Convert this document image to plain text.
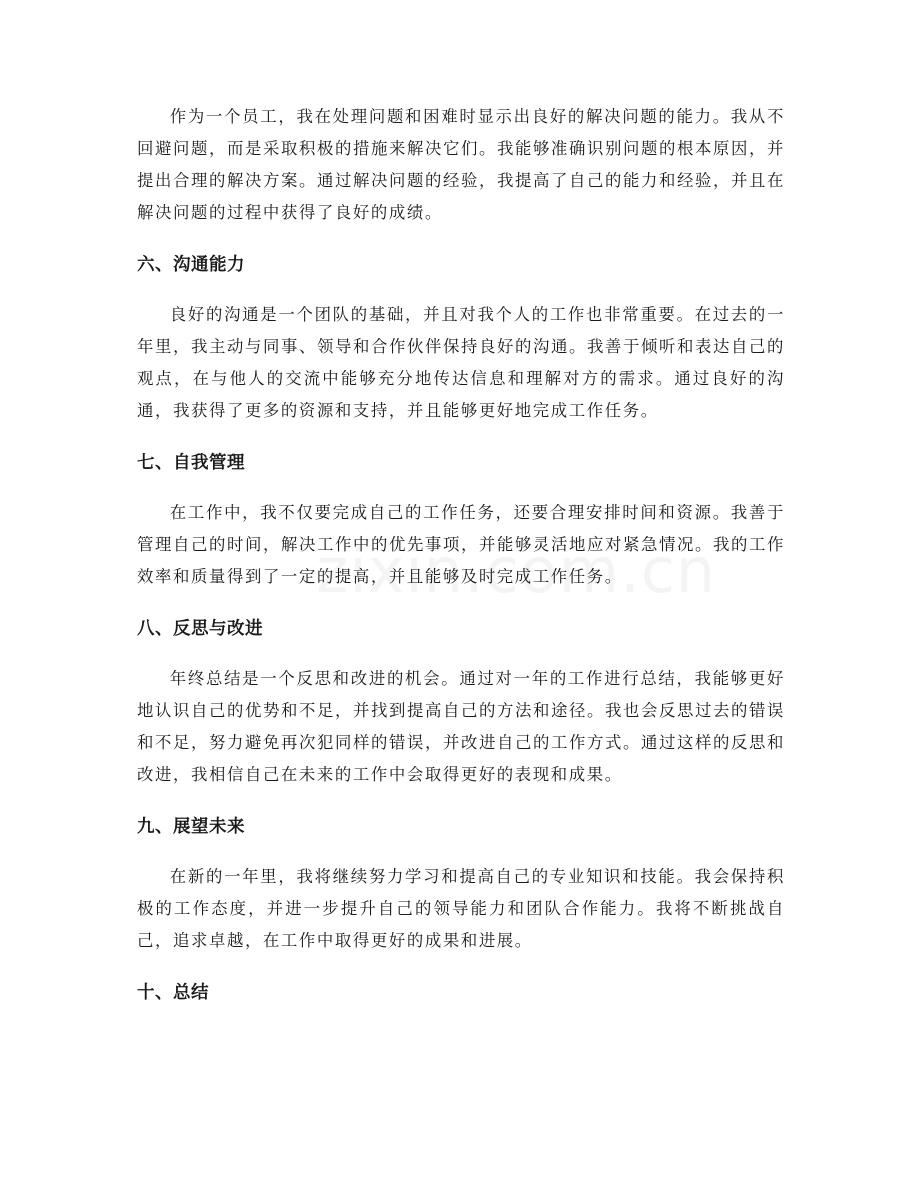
作为一个员工，我在处理问题和困难时显示出良好的解决问题的能力。我从不回避问题，而是采取积极的措施来解决它们。我能够准确识别问题的根本原因，并提出合理的解决方案。通过解决问题的经验，我提高了自己的能力和经验，并且在解决问题的过程中获得了良好的成绩。

六、沟通能力

良好的沟通是一个团队的基础，并且对我个人的工作也非常重要。在过去的一年里，我主动与同事、领导和合作伙伴保持良好的沟通。我善于倾听和表达自己的观点，在与他人的交流中能够充分地传达信息和理解对方的需求。通过良好的沟通，我获得了更多的资源和支持，并且能够更好地完成工作任务。

七、自我管理

在工作中，我不仅要完成自己的工作任务，还要合理安排时间和资源。我善于管理自己的时间，解决工作中的优先事项，并能够灵活地应对紧急情况。我的工作效率和质量得到了一定的提高，并且能够及时完成工作任务。

八、反思与改进

年终总结是一个反思和改进的机会。通过对一年的工作进行总结，我能够更好地认识自己的优势和不足，并找到提高自己的方法和途径。我也会反思过去的错误和不足，努力避免再次犯同样的错误，并改进自己的工作方式。通过这样的反思和改进，我相信自己在未来的工作中会取得更好的表现和成果。

九、展望未来

在新的一年里，我将继续努力学习和提高自己的专业知识和技能。我会保持积极的工作态度，并进一步提升自己的领导能力和团队合作能力。我将不断挑战自己，追求卓越，在工作中取得更好的成果和进展。

十、总结
